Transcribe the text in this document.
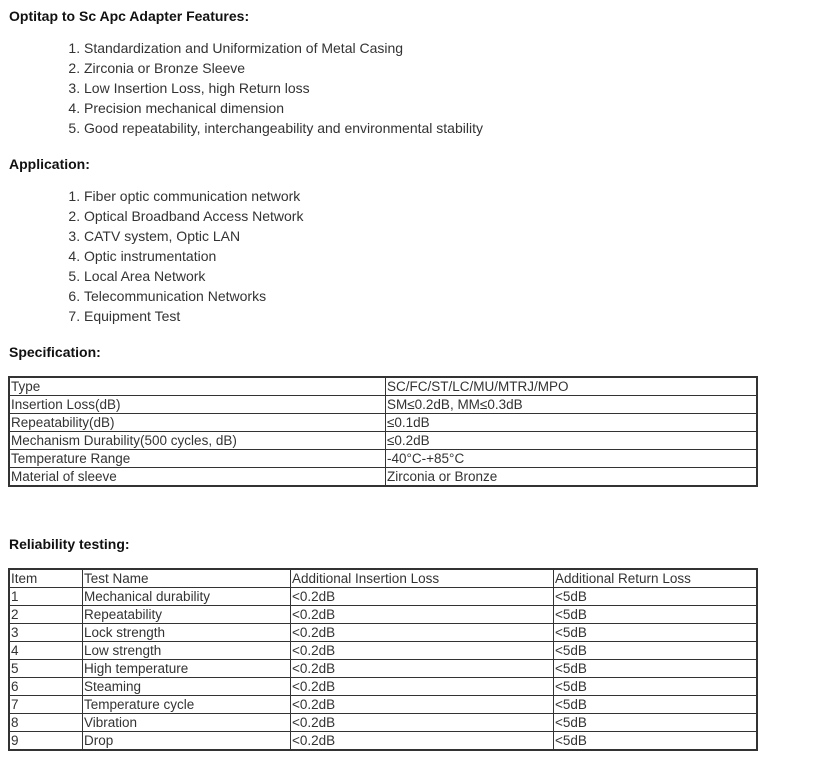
Optitap to Sc Apc Adapter Features:
1. Standardization and Uniformization of Metal Casing
2. Zirconia or Bronze Sleeve
3. Low Insertion Loss, high Return loss
4. Precision mechanical dimension
5. Good repeatability, interchangeability and environmental stability
Application:
1. Fiber optic communication network
2. Optical Broadband Access Network
3. CATV system, Optic LAN
4. Optic instrumentation
5. Local Area Network
6. Telecommunication Networks
7. Equipment Test
Specification:
Type	SC/FC/ST/LC/MU/MTRJ/MPO
Insertion Loss(dB)	SM≤0.2dB, MM≤0.3dB
Repeatability(dB)	≤0.1dB
Mechanism Durability(500 cycles, dB)	≤0.2dB
Temperature Range	-40°C-+85°C
Material of sleeve	Zirconia or Bronze
Reliability testing:
Item	Test Name	Additional Insertion Loss	Additional Return Loss
1	Mechanical durability	<0.2dB	<5dB
2	Repeatability	<0.2dB	<5dB
3	Lock strength	<0.2dB	<5dB
4	Low strength	<0.2dB	<5dB
5	High temperature	<0.2dB	<5dB
6	Steaming	<0.2dB	<5dB
7	Temperature cycle	<0.2dB	<5dB
8	Vibration	<0.2dB	<5dB
9	Drop	<0.2dB	<5dB
